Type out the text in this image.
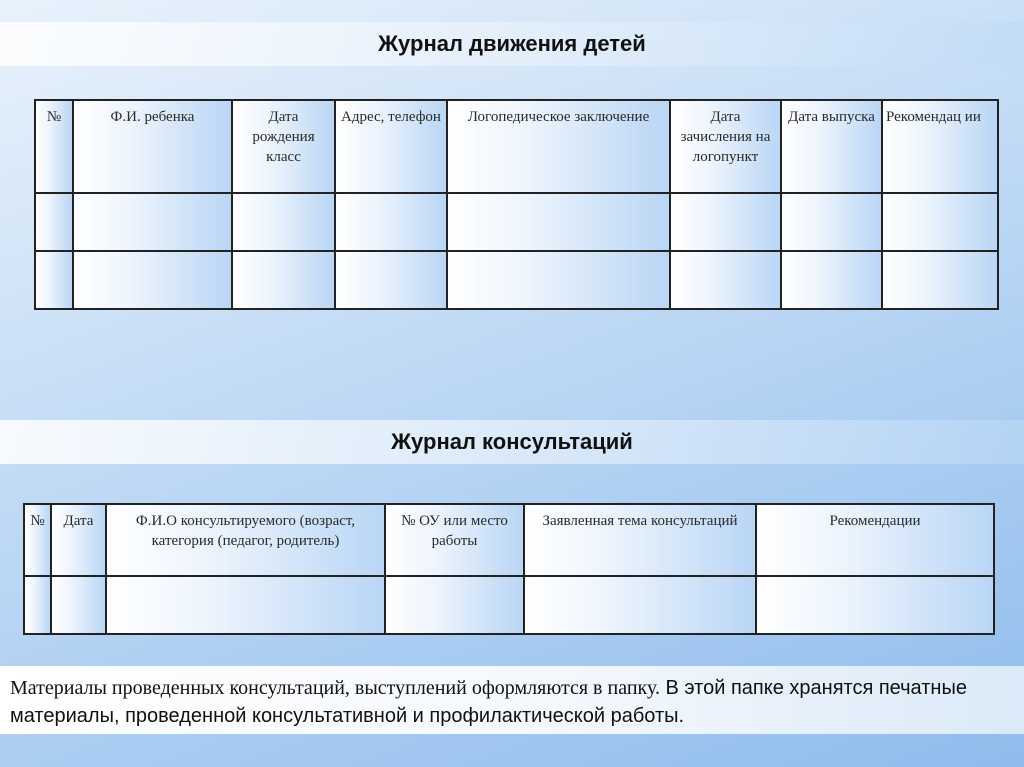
Журнал движения детей
№	Ф.И. ребенка	Дата рождения класс	Адрес, телефон	Логопедическое заключение	Дата зачисления на логопункт	Дата выпуска	Рекомендац ии

Журнал консультаций
№	Дата	Ф.И.О консультируемого (возраст, категория (педагог, родитель)	№ ОУ или место работы	Заявленная тема консультаций	Рекомендации

Материалы проведенных консультаций, выступлений оформляются в папку. В этой папке хранятся печатные материалы, проведенной консультативной и профилактической работы.
